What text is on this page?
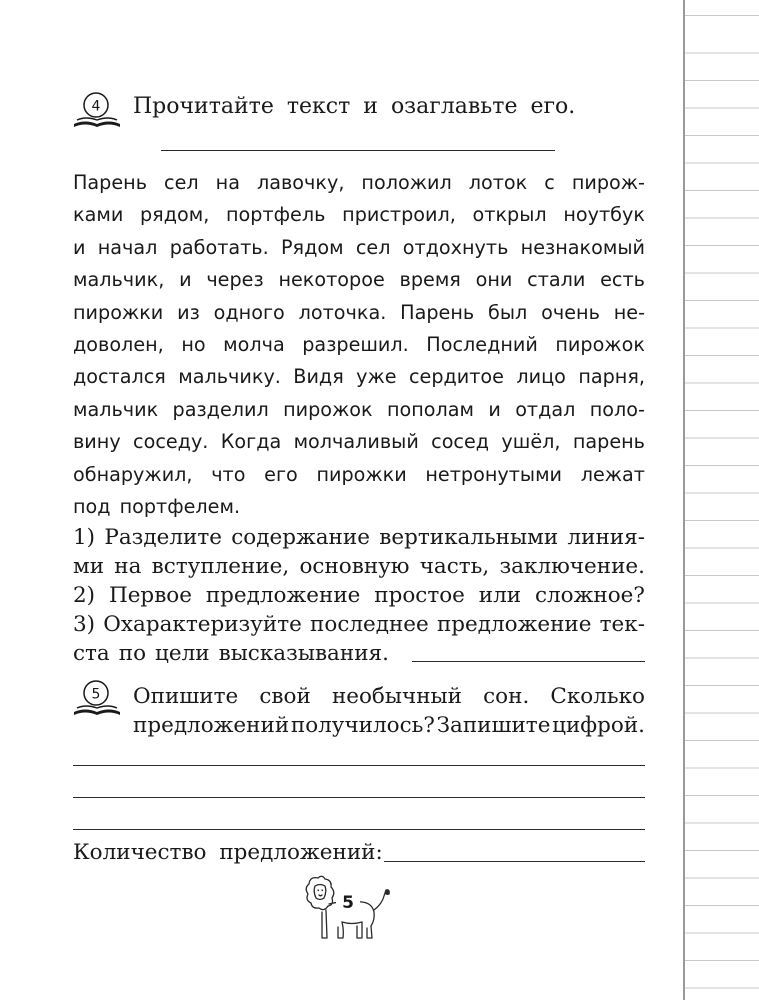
4 Прочитайте текст и озаглавьте его.
Парень сел на лавочку, положил лоток с пирож-
ками рядом, портфель пристроил, открыл ноутбук
и начал работать. Рядом сел отдохнуть незнакомый
мальчик, и через некоторое время они стали есть
пирожки из одного лоточка. Парень был очень не-
доволен, но молча разрешил. Последний пирожок
достался мальчику. Видя уже сердитое лицо парня,
мальчик разделил пирожок пополам и отдал поло-
вину соседу. Когда молчаливый сосед ушёл, парень
обнаружил, что его пирожки нетронутыми лежат
под портфелем.
1) Разделите содержание вертикальными линия-
ми на вступление, основную часть, заключение.
2) Первое предложение простое или сложное?
3) Охарактеризуйте последнее предложение тек-
ста по цели высказывания.
5 Опишите свой необычный сон. Сколько
предложений получилось? Запишите цифрой.
Количество предложений:
5
